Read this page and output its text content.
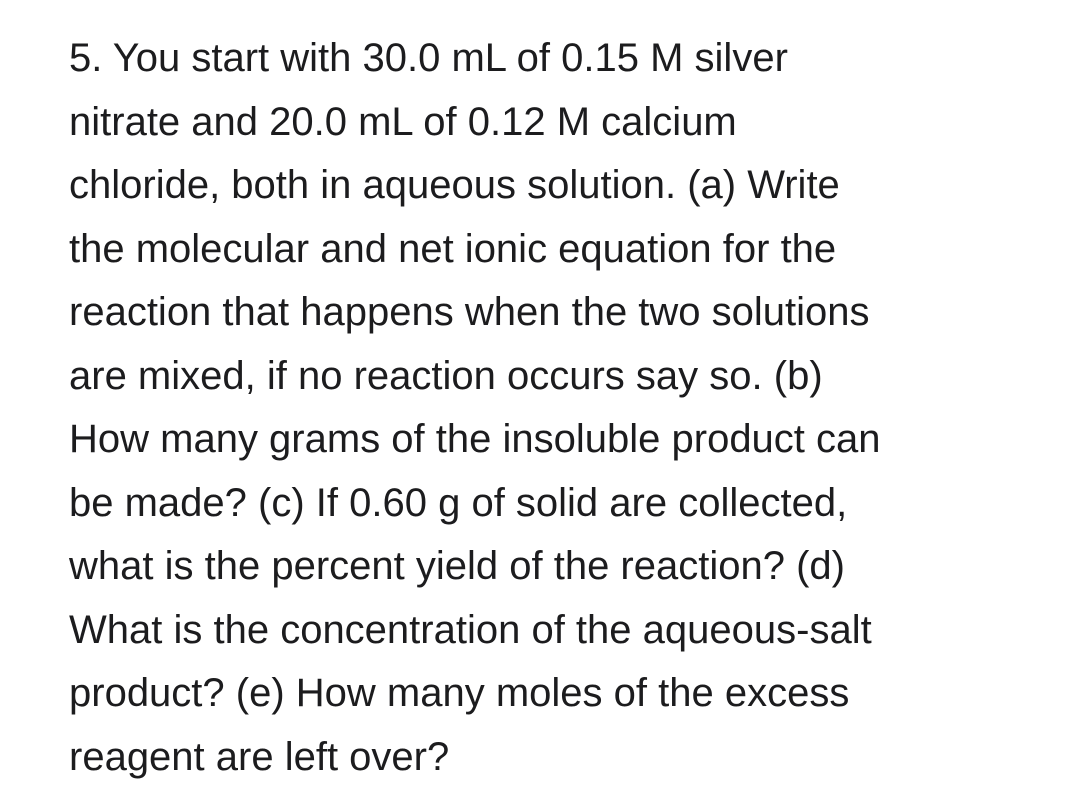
5. You start with 30.0 mL of 0.15 M silver
nitrate and 20.0 mL of 0.12 M calcium
chloride, both in aqueous solution. (a) Write
the molecular and net ionic equation for the
reaction that happens when the two solutions
are mixed, if no reaction occurs say so. (b)
How many grams of the insoluble product can
be made? (c) If 0.60 g of solid are collected,
what is the percent yield of the reaction? (d)
What is the concentration of the aqueous-salt
product? (e) How many moles of the excess
reagent are left over?
